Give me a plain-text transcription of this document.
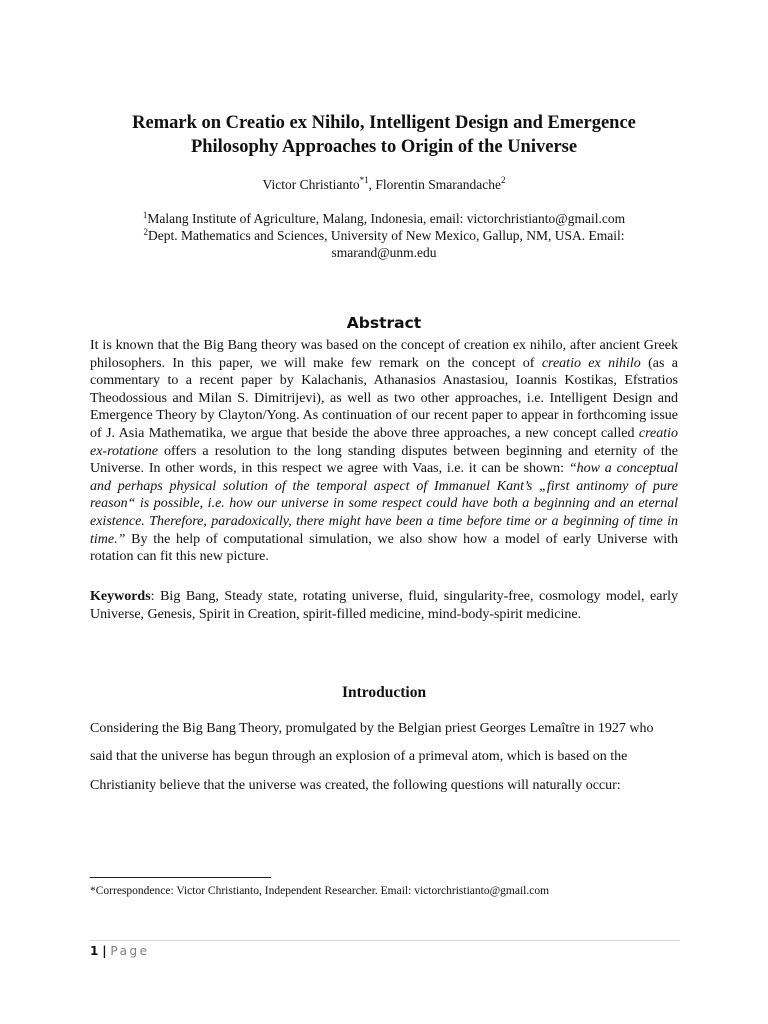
Remark on Creatio ex Nihilo, Intelligent Design and Emergence
Philosophy Approaches to Origin of the Universe
Victor Christianto$^{*1}$, Florentin Smarandache$^2$
$^1$Malang Institute of Agriculture, Malang, Indonesia, email: victorchristianto@gmail.com
$^2$Dept. Mathematics and Sciences, University of New Mexico, Gallup, NM, USA. Email:
smarand@unm.edu
Abstract
It is known that the Big Bang theory was based on the concept of creation ex nihilo, after ancient Greek philosophers. In this paper, we will make few remark on the concept of creatio ex nihilo (as a commentary to a recent paper by Kalachanis, Athanasios Anastasiou, Ioannis Kostikas, Efstratios Theodossious and Milan S. Dimitrijevi), as well as two other approaches, i.e. Intelligent Design and Emergence Theory by Clayton/Yong. As continuation of our recent paper to appear in forthcoming issue of J. Asia Mathematika, we argue that beside the above three approaches, a new concept called creatio ex-rotatione offers a resolution to the long standing disputes between beginning and eternity of the Universe. In other words, in this respect we agree with Vaas, i.e. it can be shown: “how a conceptual and perhaps physical solution of the temporal aspect of Immanuel Kant’s „first antinomy of pure reason“ is possible, i.e. how our universe in some respect could have both a beginning and an eternal existence. Therefore, paradoxically, there might have been a time before time or a beginning of time in time.” By the help of computational simulation, we also show how a model of early Universe with rotation can fit this new picture.
Keywords: Big Bang, Steady state, rotating universe, fluid, singularity-free, cosmology model, early Universe, Genesis, Spirit in Creation, spirit-filled medicine, mind-body-spirit medicine.
Introduction
Considering the Big Bang Theory, promulgated by the Belgian priest Georges Lemaître in 1927 who said that the universe has begun through an explosion of a primeval atom, which is based on the Christianity believe that the universe was created, the following questions will naturally occur:
*Correspondence: Victor Christianto, Independent Researcher. Email: victorchristianto@gmail.com
1 | Page
